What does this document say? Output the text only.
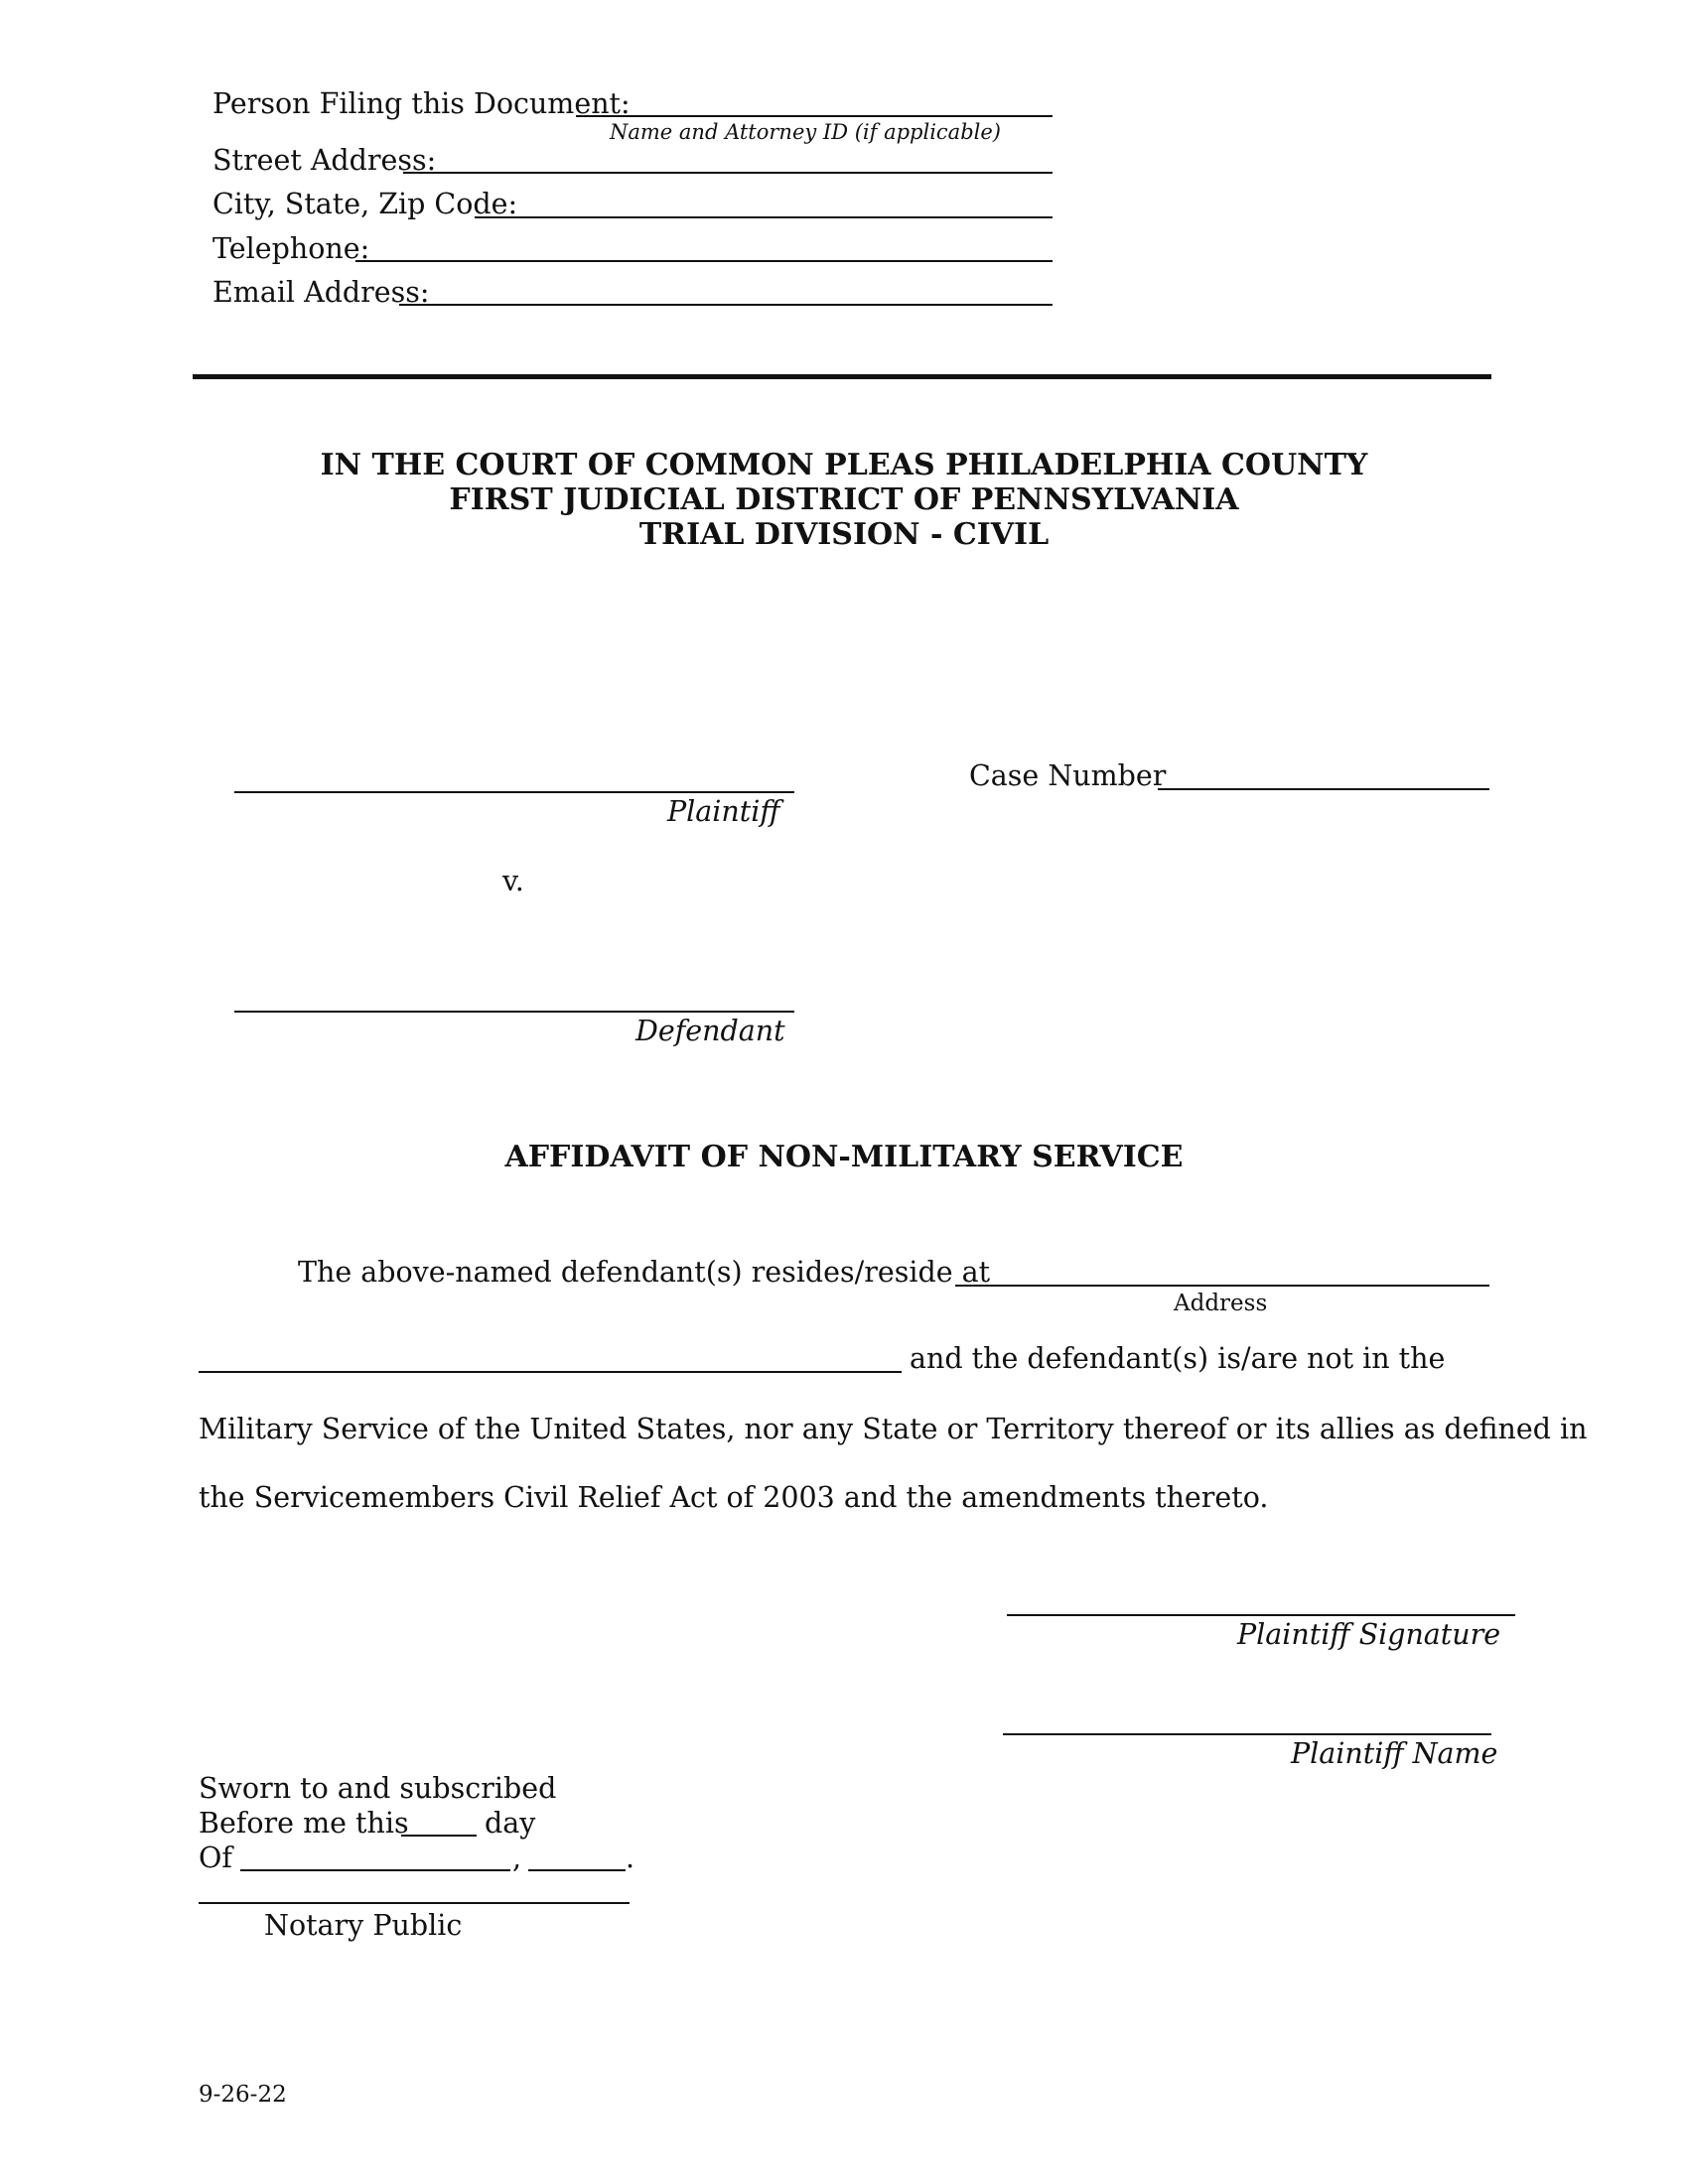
Person Filing this Document:
Name and Attorney ID (if applicable)
Street Address:
City, State, Zip Code:
Telephone:
Email Address:
IN THE COURT OF COMMON PLEAS PHILADELPHIA COUNTY
FIRST JUDICIAL DISTRICT OF PENNSYLVANIA
TRIAL DIVISION - CIVIL
Plaintiff
Case Number
v.
Defendant
AFFIDAVIT OF NON-MILITARY SERVICE
The above-named defendant(s) resides/reside at
Address
and the defendant(s) is/are not in the
Military Service of the United States, nor any State or Territory thereof or its allies as defined in
the Servicemembers Civil Relief Act of 2003 and the amendments thereto.
Plaintiff Signature
Plaintiff Name
Sworn to and subscribed
Before me this	day
Of	,	.
Notary Public
9-26-22
